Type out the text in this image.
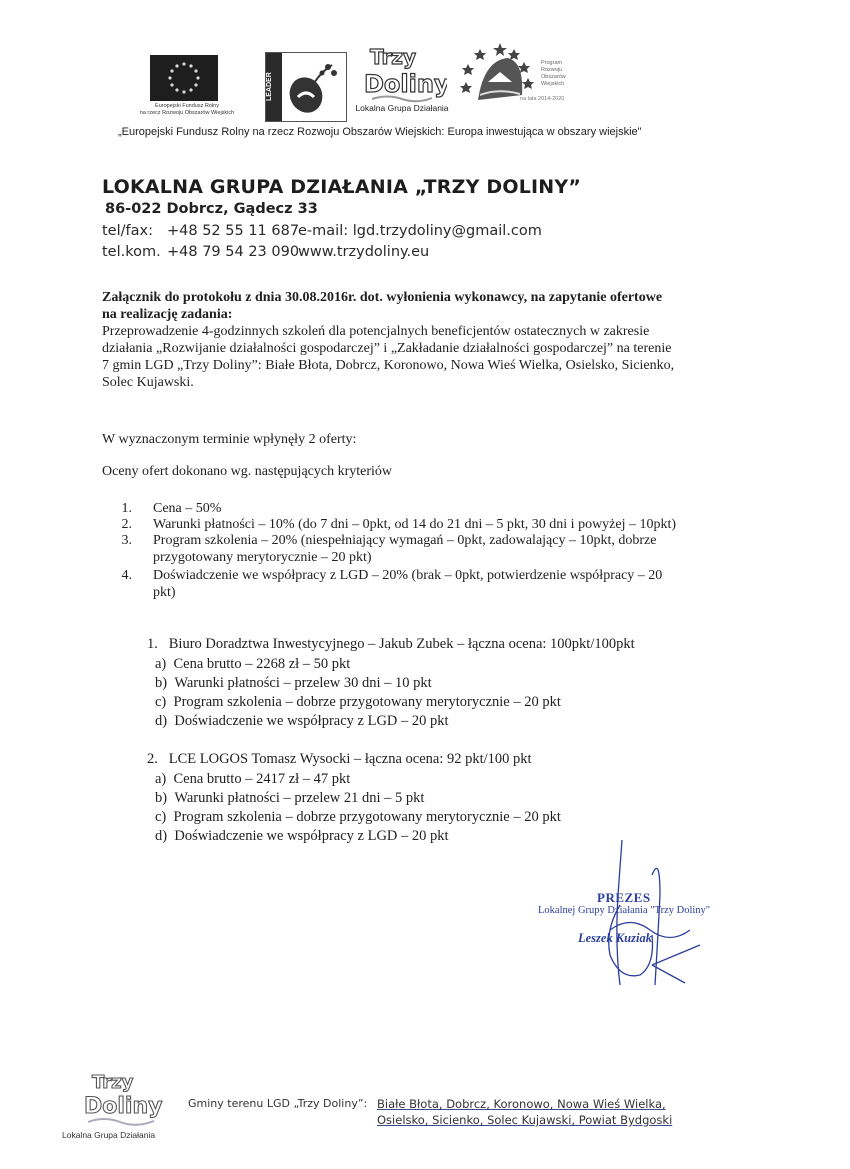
Europejski Fundusz Rolny
na rzecz Rozwoju Obszarów Wiejskich
LEADER
Trzy
Doliny
Lokalna Grupa Działania
Program
Rozwoju
Obszarów
Wiejskich
na lata 2014-2020
„Europejski Fundusz Rolny na rzecz Rozwoju Obszarów Wiejskich: Europa inwestująca w obszary wiejskie"
LOKALNA GRUPA DZIAŁANIA „TRZY DOLINY”
86-022 Dobrcz, Gądecz 33
tel/fax: +48 52 55 11 687
e-mail: lgd.trzydoliny@gmail.com
tel.kom. +48 79 54 23 090
www.trzydoliny.eu
Załącznik do protokołu z dnia 30.08.2016r. dot. wyłonienia wykonawcy, na zapytanie ofertowe
na realizację zadania:
Przeprowadzenie 4-godzinnych szkoleń dla potencjalnych beneficjentów ostatecznych w zakresie
działania „Rozwijanie działalności gospodarczej” i „Zakładanie działalności gospodarczej” na terenie
7 gmin LGD „Trzy Doliny”: Białe Błota, Dobrcz, Koronowo, Nowa Wieś Wielka, Osielsko, Sicienko,
Solec Kujawski.
W wyznaczonym terminie wpłynęły 2 oferty:
Oceny ofert dokonano wg. następujących kryteriów
1. Cena – 50%
2. Warunki płatności – 10% (do 7 dni – 0pkt, od 14 do 21 dni – 5 pkt, 30 dni i powyżej – 10pkt)
3. Program szkolenia – 20% (niespełniający wymagań – 0pkt, zadowalający – 10pkt, dobrze
przygotowany merytorycznie – 20 pkt)
4. Doświadczenie we współpracy z LGD – 20% (brak – 0pkt, potwierdzenie współpracy – 20
pkt)
1. Biuro Doradztwa Inwestycyjnego – Jakub Zubek – łączna ocena: 100pkt/100pkt
a) Cena brutto – 2268 zł – 50 pkt
b) Warunki płatności – przelew 30 dni – 10 pkt
c) Program szkolenia – dobrze przygotowany merytorycznie – 20 pkt
d) Doświadczenie we współpracy z LGD – 20 pkt
2. LCE LOGOS Tomasz Wysocki – łączna ocena: 92 pkt/100 pkt
a) Cena brutto – 2417 zł – 47 pkt
b) Warunki płatności – przelew 21 dni – 5 pkt
c) Program szkolenia – dobrze przygotowany merytorycznie – 20 pkt
d) Doświadczenie we współpracy z LGD – 20 pkt
PREZES
Lokalnej Grupy Działania "Trzy Doliny"
Leszek Kuziak
Trzy
Doliny
Lokalna Grupa Działania
Gminy terenu LGD „Trzy Doliny”: Białe Błota, Dobrcz, Koronowo, Nowa Wieś Wielka,
Osielsko, Sicienko, Solec Kujawski, Powiat Bydgoski
